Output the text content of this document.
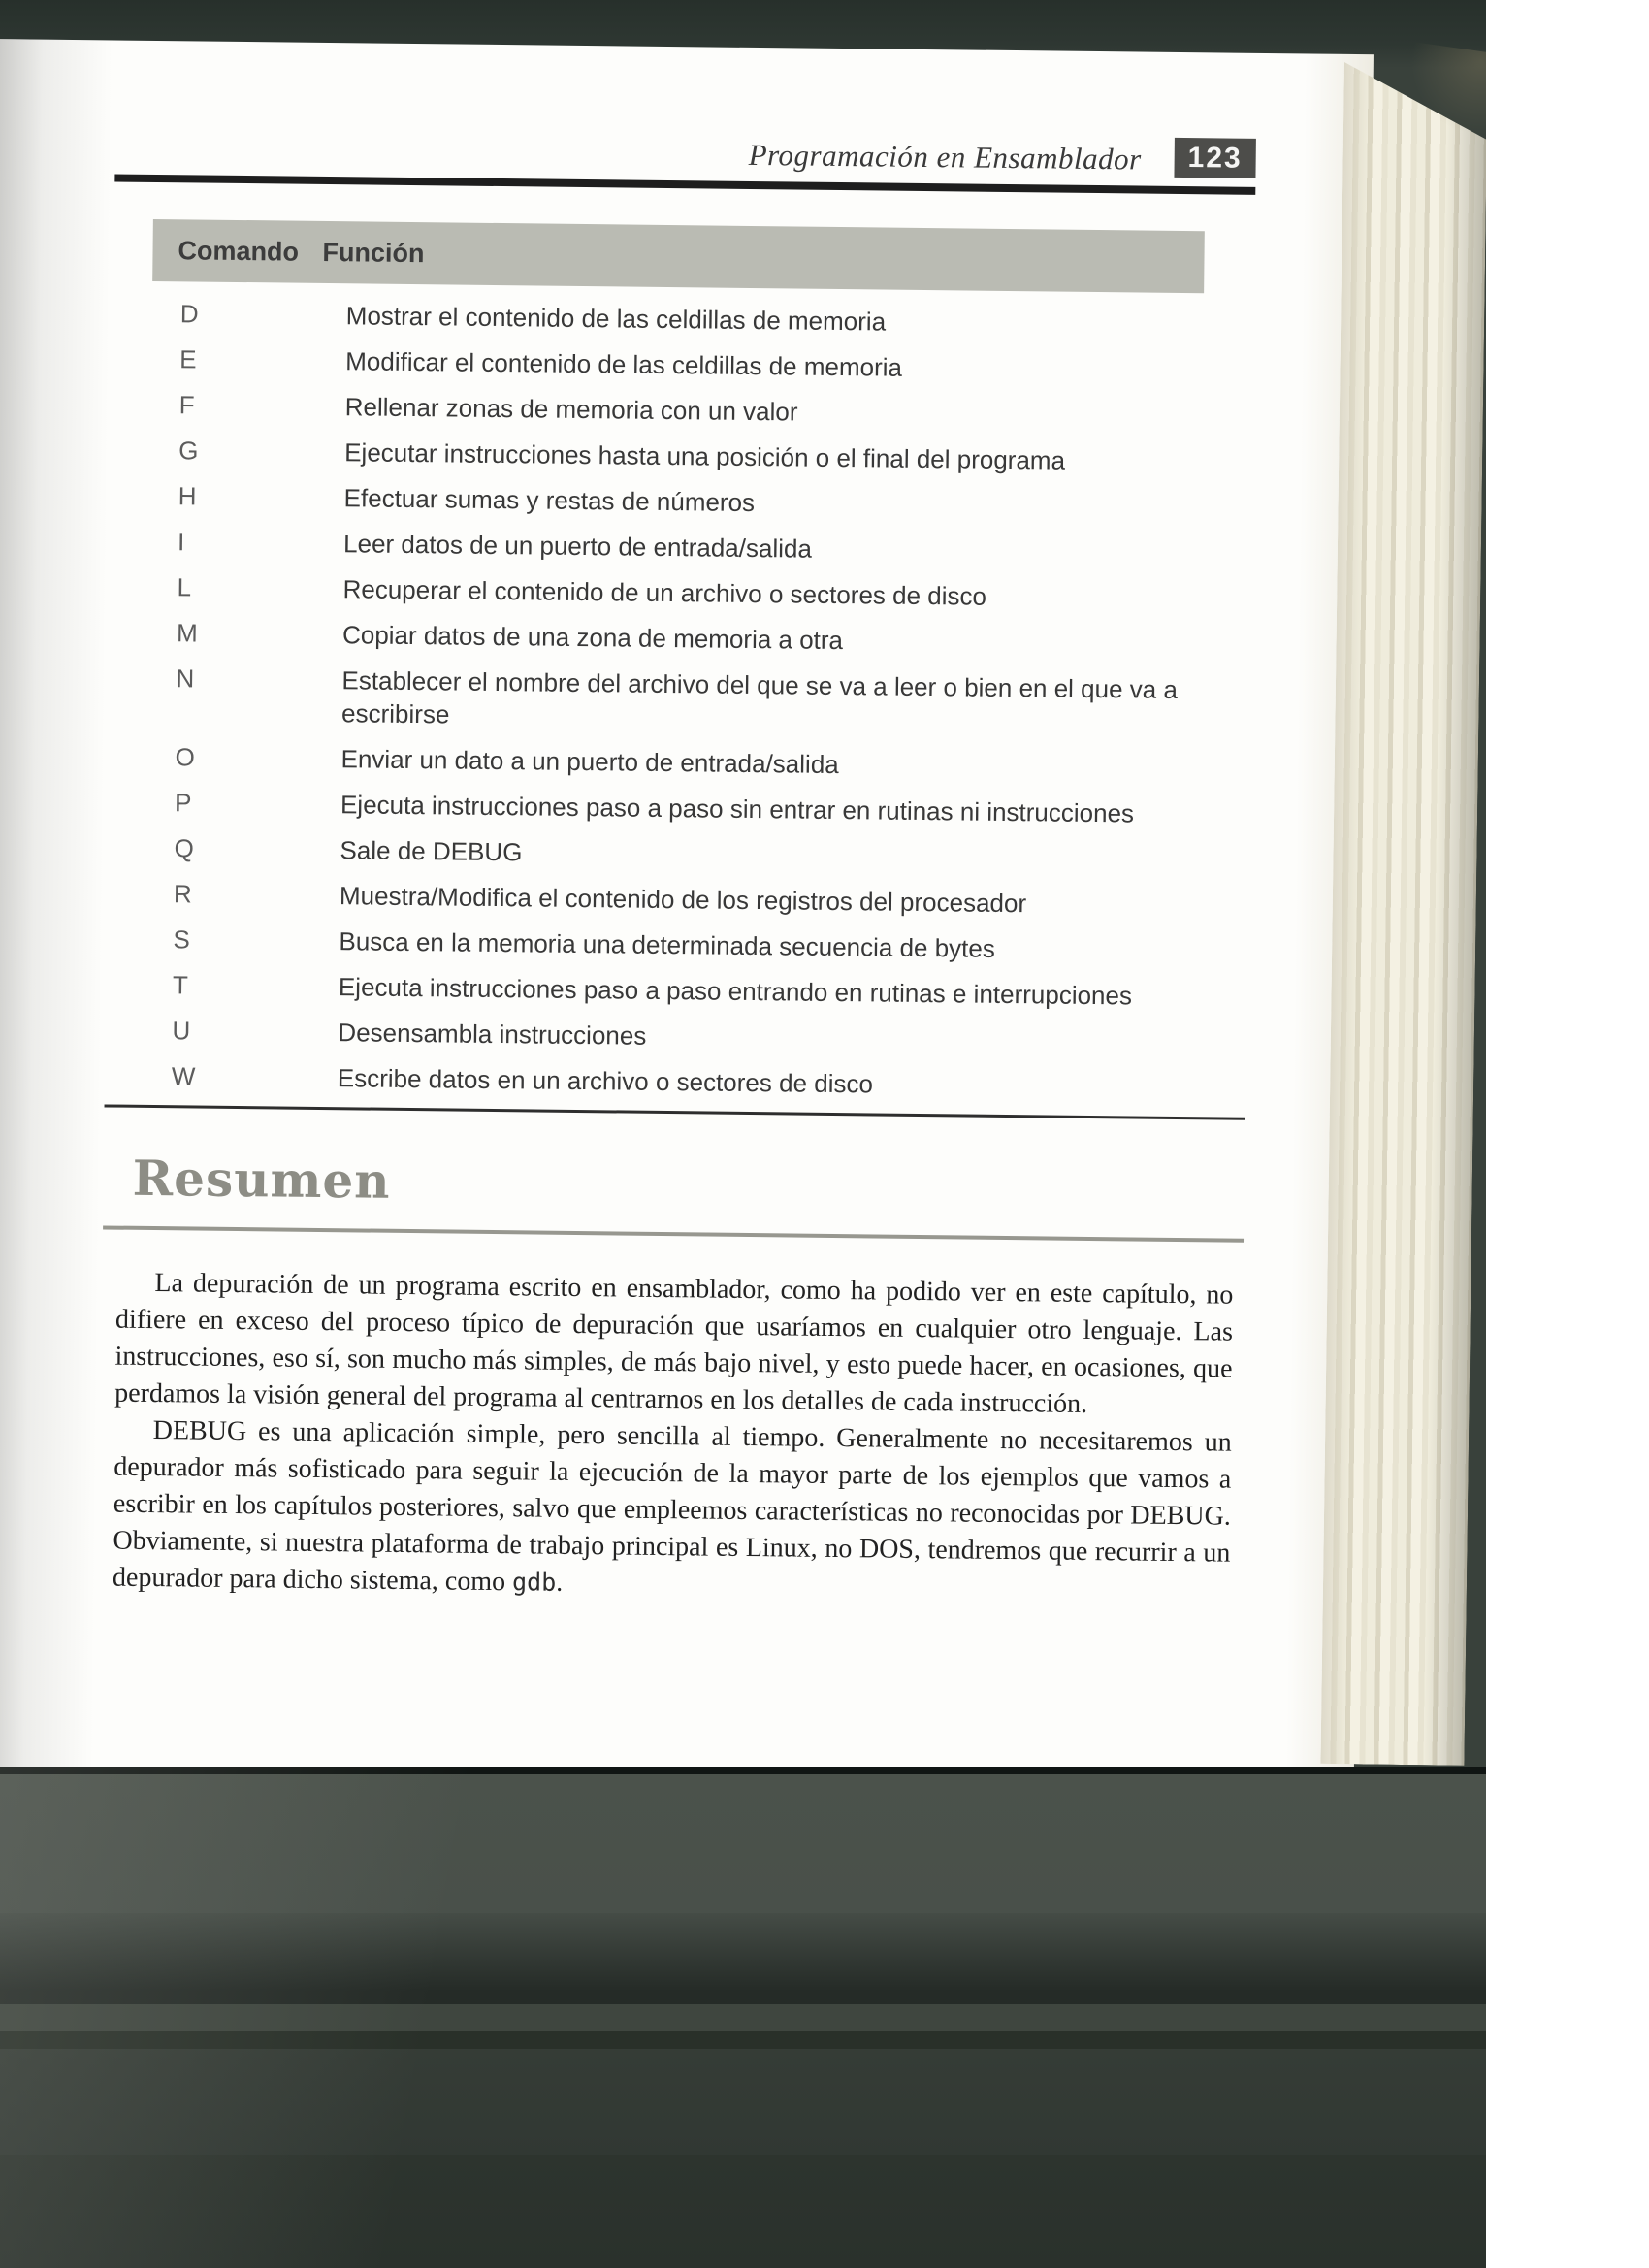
Programación en Ensamblador	123
Comando Función
D	Mostrar el contenido de las celdillas de memoria
E	Modificar el contenido de las celdillas de memoria
F	Rellenar zonas de memoria con un valor
G	Ejecutar instrucciones hasta una posición o el final del programa
H	Efectuar sumas y restas de números
I	Leer datos de un puerto de entrada/salida
L	Recuperar el contenido de un archivo o sectores de disco
M	Copiar datos de una zona de memoria a otra
N	Establecer el nombre del archivo del que se va a leer o bien en el que va a escribirse
O	Enviar un dato a un puerto de entrada/salida
P	Ejecuta instrucciones paso a paso sin entrar en rutinas ni instrucciones
Q	Sale de DEBUG
R	Muestra/Modifica el contenido de los registros del procesador
S	Busca en la memoria una determinada secuencia de bytes
T	Ejecuta instrucciones paso a paso entrando en rutinas e interrupciones
U	Desensambla instrucciones
W	Escribe datos en un archivo o sectores de disco
Resumen

La depuración de un programa escrito en ensamblador, como ha podido ver en este capítulo, no difiere en exceso del proceso típico de depuración que usaríamos en cualquier otro lenguaje. Las instrucciones, eso sí, son mucho más simples, de más bajo nivel, y esto puede hacer, en ocasiones, que perdamos la visión general del programa al centrarnos en los detalles de cada instrucción.

DEBUG es una aplicación simple, pero sencilla al tiempo. Generalmente no necesitaremos un depurador más sofisticado para seguir la ejecución de la mayor parte de los ejemplos que vamos a escribir en los capítulos posteriores, salvo que empleemos características no reconocidas por DEBUG. Obviamente, si nuestra plataforma de trabajo principal es Linux, no DOS, tendremos que recurrir a un depurador para dicho sistema, como gdb.
